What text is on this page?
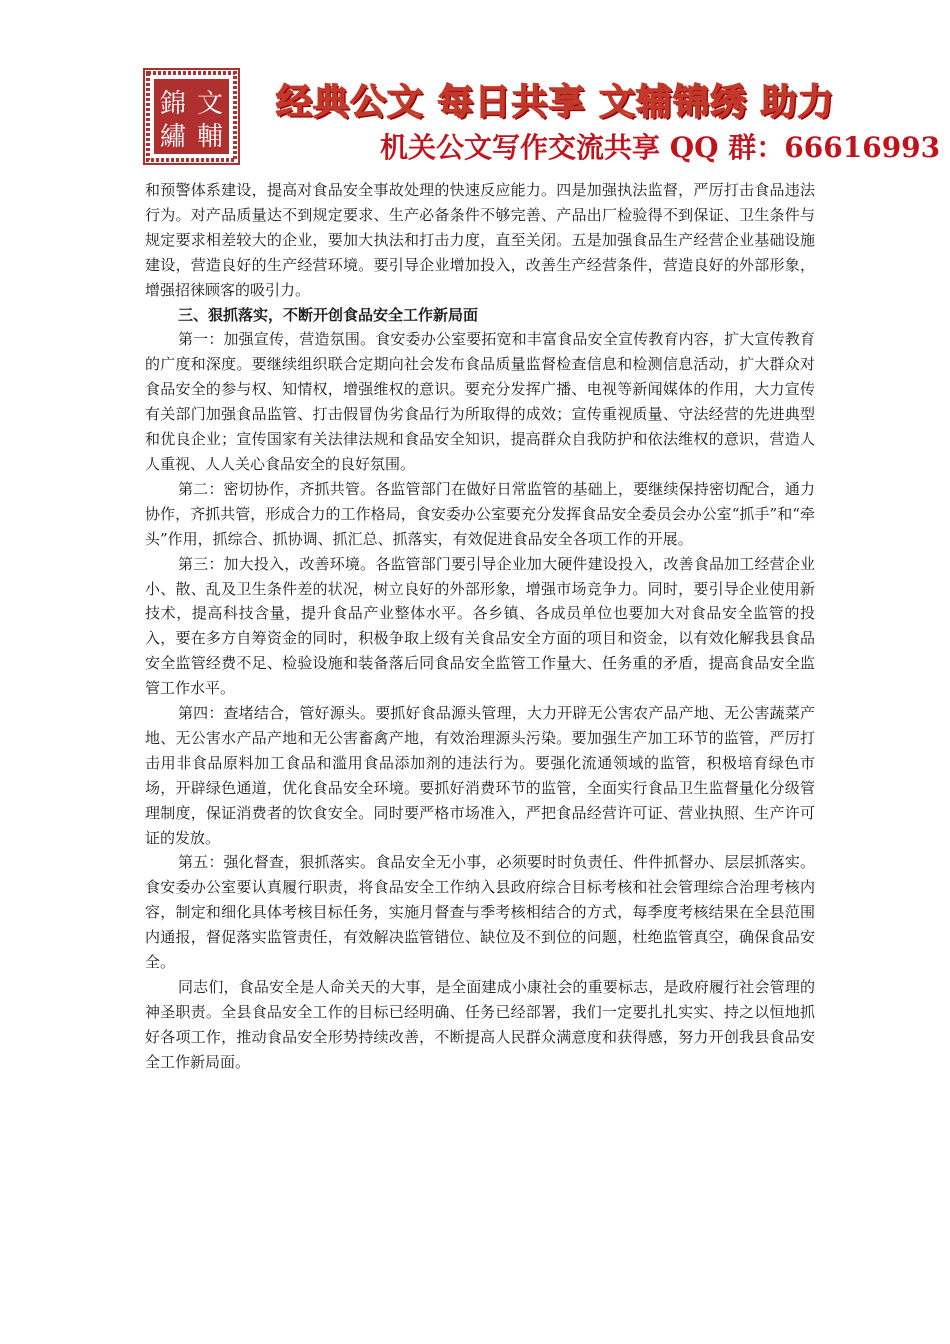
錦 文
繡 輔
经典公文 每日共享 文辅锦绣 助力
机关公文写作交流共享 QQ 群：66616993

和预警体系建设，提高对食品安全事故处理的快速反应能力。四是加强执法监督，严厉打击食品违法行为。对产品质量达不到规定要求、生产必备条件不够完善、产品出厂检验得不到保证、卫生条件与规定要求相差较大的企业，要加大执法和打击力度，直至关闭。五是加强食品生产经营企业基础设施建设，营造良好的生产经营环境。要引导企业增加投入，改善生产经营条件，营造良好的外部形象，增强招徕顾客的吸引力。

三、狠抓落实，不断开创食品安全工作新局面

第一：加强宣传，营造氛围。食安委办公室要拓宽和丰富食品安全宣传教育内容，扩大宣传教育的广度和深度。要继续组织联合定期向社会发布食品质量监督检查信息和检测信息活动，扩大群众对食品安全的参与权、知情权，增强维权的意识。要充分发挥广播、电视等新闻媒体的作用，大力宣传有关部门加强食品监管、打击假冒伪劣食品行为所取得的成效；宣传重视质量、守法经营的先进典型和优良企业；宣传国家有关法律法规和食品安全知识，提高群众自我防护和依法维权的意识，营造人人重视、人人关心食品安全的良好氛围。

第二：密切协作，齐抓共管。各监管部门在做好日常监管的基础上，要继续保持密切配合，通力协作，齐抓共管，形成合力的工作格局，食安委办公室要充分发挥食品安全委员会办公室“抓手”和“牵头”作用，抓综合、抓协调、抓汇总、抓落实，有效促进食品安全各项工作的开展。

第三：加大投入，改善环境。各监管部门要引导企业加大硬件建设投入，改善食品加工经营企业小、散、乱及卫生条件差的状况，树立良好的外部形象，增强市场竞争力。同时，要引导企业使用新技术，提高科技含量，提升食品产业整体水平。各乡镇、各成员单位也要加大对食品安全监管的投入，要在多方自筹资金的同时，积极争取上级有关食品安全方面的项目和资金，以有效化解我县食品安全监管经费不足、检验设施和装备落后同食品安全监管工作量大、任务重的矛盾，提高食品安全监管工作水平。

第四：查堵结合，管好源头。要抓好食品源头管理，大力开辟无公害农产品产地、无公害蔬菜产地、无公害水产品产地和无公害畜禽产地，有效治理源头污染。要加强生产加工环节的监管，严厉打击用非食品原料加工食品和滥用食品添加剂的违法行为。要强化流通领域的监管，积极培育绿色市场，开辟绿色通道，优化食品安全环境。要抓好消费环节的监管，全面实行食品卫生监督量化分级管理制度，保证消费者的饮食安全。同时要严格市场准入，严把食品经营许可证、营业执照、生产许可证的发放。

第五：强化督查，狠抓落实。食品安全无小事，必须要时时负责任、件件抓督办、层层抓落实。食安委办公室要认真履行职责，将食品安全工作纳入县政府综合目标考核和社会管理综合治理考核内容，制定和细化具体考核目标任务，实施月督查与季考核相结合的方式，每季度考核结果在全县范围内通报，督促落实监管责任，有效解决监管错位、缺位及不到位的问题，杜绝监管真空，确保食品安全。

同志们，食品安全是人命关天的大事，是全面建成小康社会的重要标志，是政府履行社会管理的神圣职责。全县食品安全工作的目标已经明确、任务已经部署，我们一定要扎扎实实、持之以恒地抓好各项工作，推动食品安全形势持续改善，不断提高人民群众满意度和获得感，努力开创我县食品安全工作新局面。
